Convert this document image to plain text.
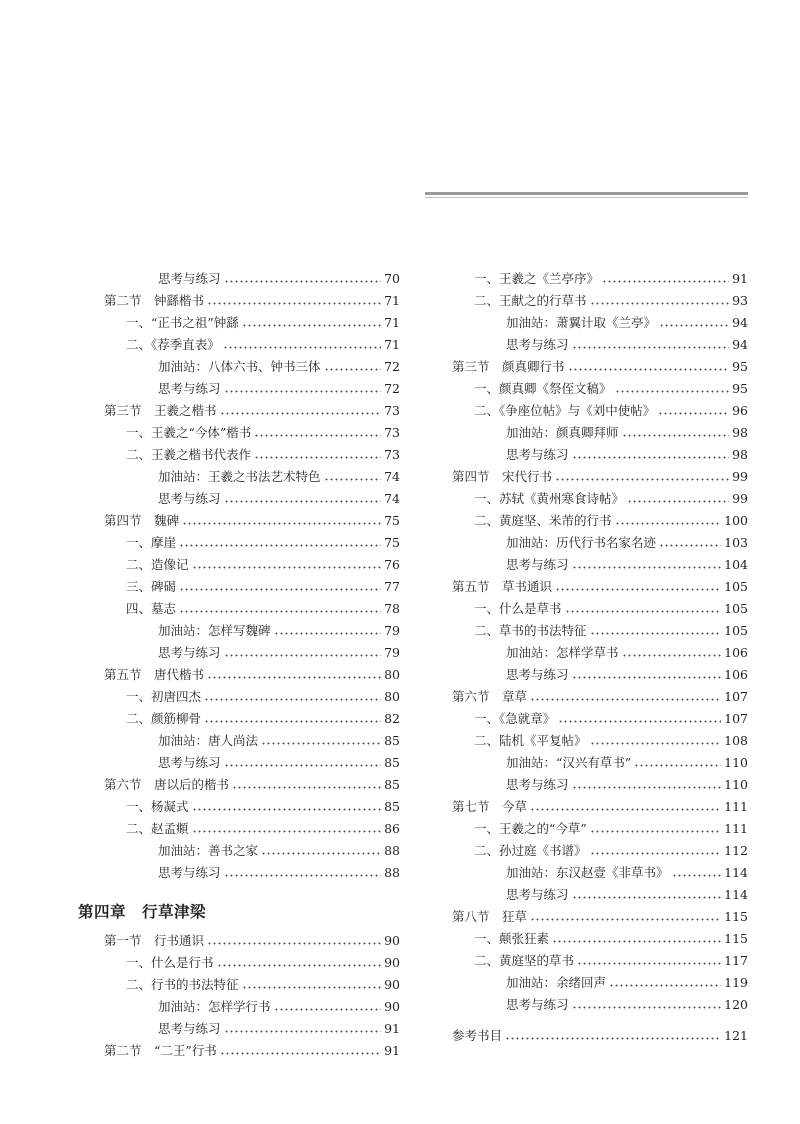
思考与练习	70
第二节　钟繇楷书	71
一、“正书之祖”钟繇	71
二、《荐季直表》	71
加油站：八体六书、钟书三体	72
思考与练习	72
第三节　王羲之楷书	73
一、王羲之“今体”楷书	73
二、王羲之楷书代表作	73
加油站：王羲之书法艺术特色	74
思考与练习	74
第四节　魏碑	75
一、摩崖	75
二、造像记	76
三、碑碣	77
四、墓志	78
加油站：怎样写魏碑	79
思考与练习	79
第五节　唐代楷书	80
一、初唐四杰	80
二、颜筋柳骨	82
加油站：唐人尚法	85
思考与练习	85
第六节　唐以后的楷书	85
一、杨凝式	85
二、赵孟頫	86
加油站：善书之家	88
思考与练习	88
第四章　行草津梁
第一节　行书通识	90
一、什么是行书	90
二、行书的书法特征	90
加油站：怎样学行书	90
思考与练习	91
第二节　“二王”行书	91
一、王羲之《兰亭序》	91
二、王献之的行草书	93
加油站：萧翼计取《兰亭》	94
思考与练习	94
第三节　颜真卿行书	95
一、颜真卿《祭侄文稿》	95
二、《争座位帖》与《刘中使帖》	96
加油站：颜真卿拜师	98
思考与练习	98
第四节　宋代行书	99
一、苏轼《黄州寒食诗帖》	99
二、黄庭坚、米芾的行书	100
加油站：历代行书名家名迹	103
思考与练习	104
第五节　草书通识	105
一、什么是草书	105
二、草书的书法特征	105
加油站：怎样学草书	106
思考与练习	106
第六节　章草	107
一、《急就章》	107
二、陆机《平复帖》	108
加油站：“汉兴有草书”	110
思考与练习	110
第七节　今草	111
一、王羲之的“今草”	111
二、孙过庭《书谱》	112
加油站：东汉赵壹《非草书》	114
思考与练习	114
第八节　狂草	115
一、颠张狂素	115
二、黄庭坚的草书	117
加油站：余绪回声	119
思考与练习	120
参考书目	121
